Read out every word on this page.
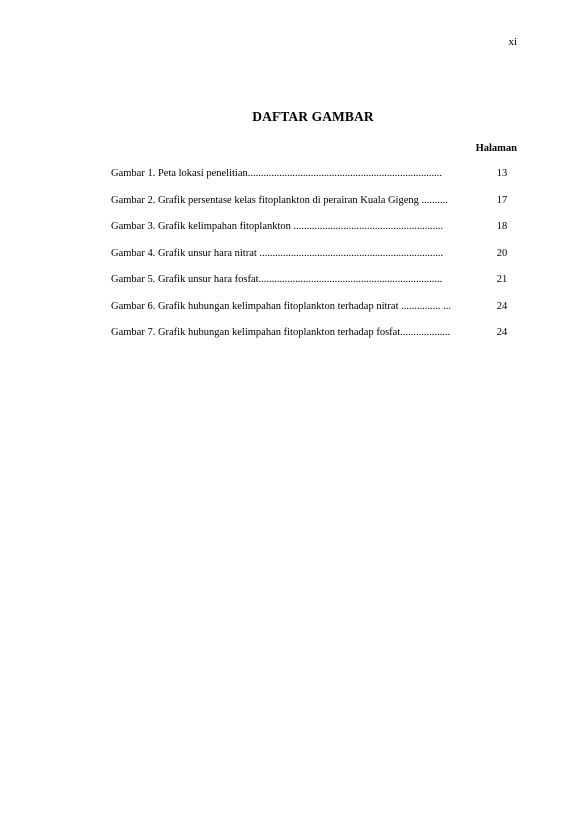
xi
DAFTAR GAMBAR
Halaman
Gambar 1. Peta lokasi penelitian..........................................................................	13
Gambar 2. Grafik persentase kelas fitoplankton di perairan Kuala Gigeng ..........	17
Gambar 3. Grafik kelimpahan fitoplankton .........................................................	18
Gambar 4. Grafik unsur hara nitrat ......................................................................	20
Gambar 5. Grafik unsur hara fosfat......................................................................	21
Gambar 6. Grafik hubungan kelimpahan fitoplankton terhadap nitrat ............... ...	24
Gambar 7. Grafik hubungan kelimpahan fitoplankton terhadap fosfat...................	24
